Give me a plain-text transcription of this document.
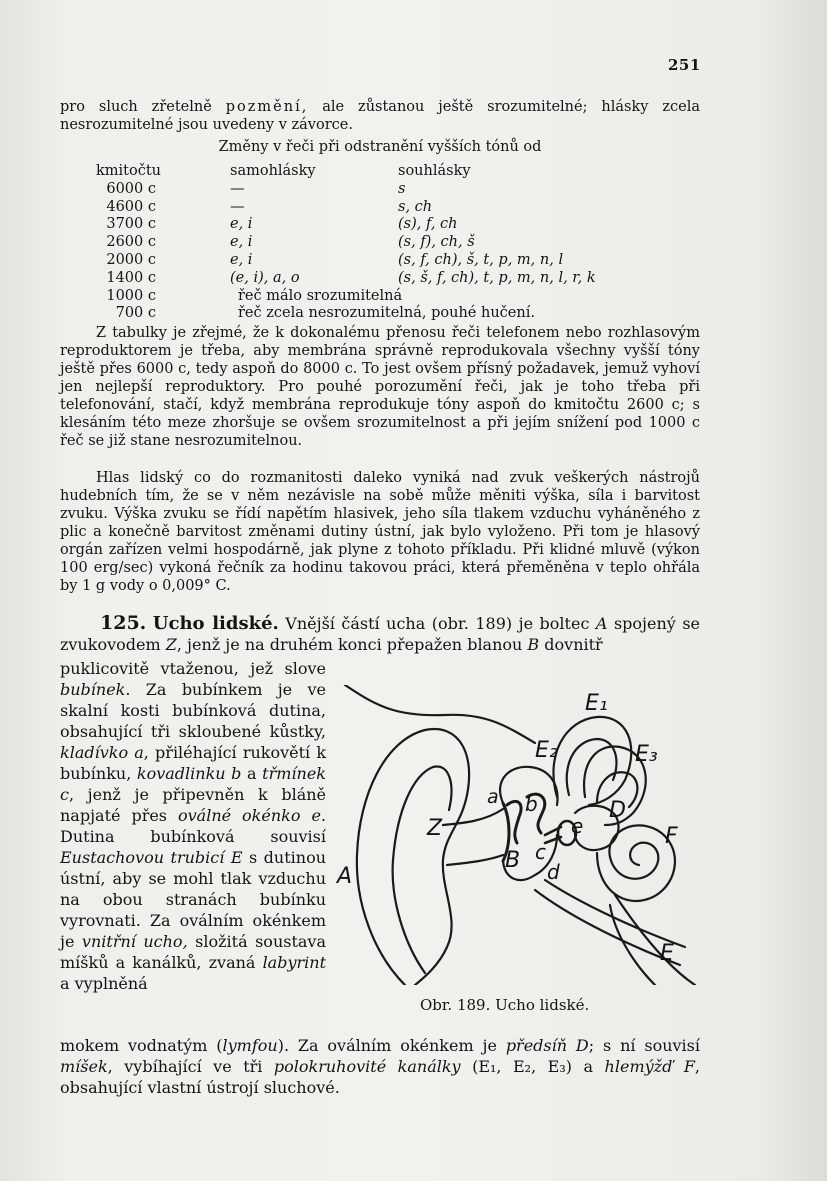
251

pro sluch zřetelně pozmění, ale zůstanou ještě srozumitelné; hlásky zcela nesrozumitelné jsou uvedeny v závorce.

Změny v řeči při odstranění vyšších tónů od
kmitočtu	samohlásky	souhlásky
6000 c	—	s
4600 c	—	s, ch
3700 c	e, i	(s), f, ch
2600 c	e, i	(s, f), ch, š
2000 c	e, i	(s, f, ch), š, t, p, m, n, l
1400 c	(e, i), a, o	(s, š, f, ch), t, p, m, n, l, r, k
1000 c	řeč málo srozumitelná
700 c	řeč zcela nesrozumitelná, pouhé hučení.

Z tabulky je zřejmé, že k dokonalému přenosu řeči telefonem nebo rozhlasovým reproduktorem je třeba, aby membrána správně reprodukovala všechny vyšší tóny ještě přes 6000 c, tedy aspoň do 8000 c. To jest ovšem přísný požadavek, jemuž vyhoví jen nejlepší reproduktory. Pro pouhé porozumění řeči, jak je toho třeba při telefonování, stačí, když membrána reprodukuje tóny aspoň do kmitočtu 2600 c; s klesáním této meze zhoršuje se ovšem srozumitelnost a při jejím snížení pod 1000 c řeč se již stane nesrozumitelnou.

Hlas lidský co do rozmanitosti daleko vyniká nad zvuk veškerých nástrojů hudebních tím, že se v něm nezávisle na sobě může měniti výška, síla i barvitost zvuku. Výška zvuku se řídí napětím hlasivek, jeho síla tlakem vzduchu vyháněného z plic a konečně barvitost změnami dutiny ústní, jak bylo vyloženo. Při tom je hlasový orgán zařízen velmi hospodárně, jak plyne z tohoto příkladu. Při klidné mluvě (výkon 100 erg/sec) vykoná řečník za hodinu takovou práci, která přeměněna v teplo ohřála by 1 g vody o 0,009° C.

125. Ucho lidské. Vnější částí ucha (obr. 189) je boltec A spojený se zvukovodem Z, jenž je na druhém konci přepažen blanou B dovnitř

puklicovitě vtaženou, jež slove bubínek. Za bubínkem je ve skalní kosti bubínková dutina, obsahující tři skloubené kůstky, kladívko a, přiléhající rukovětí k bubínku, kovadlinku b a třmínek c, jenž je připevněn k bláně napjaté přes oválné okénko e. Dutina bubínková souvisí Eustachovou trubicí E s dutinou ústní, aby se mohl tlak vzduchu na obou stranách bubínku vyrovnati. Za oválním okénkem je vnitřní ucho, složitá soustava míšků a kanálků, zvaná labyrint a vyplněná

A
Z
B
a b
c
d
e
D
E
F
E₁
E₂	E₃
Obr. 189. Ucho lidské.
mokem vodnatým (lymfou). Za oválním okénkem je předsíň D; s ní souvisí míšek, vybíhající ve tři polokruhovité kanálky (E₁, E₂, E₃) a hlemýžď F, obsahující vlastní ústrojí sluchové.
